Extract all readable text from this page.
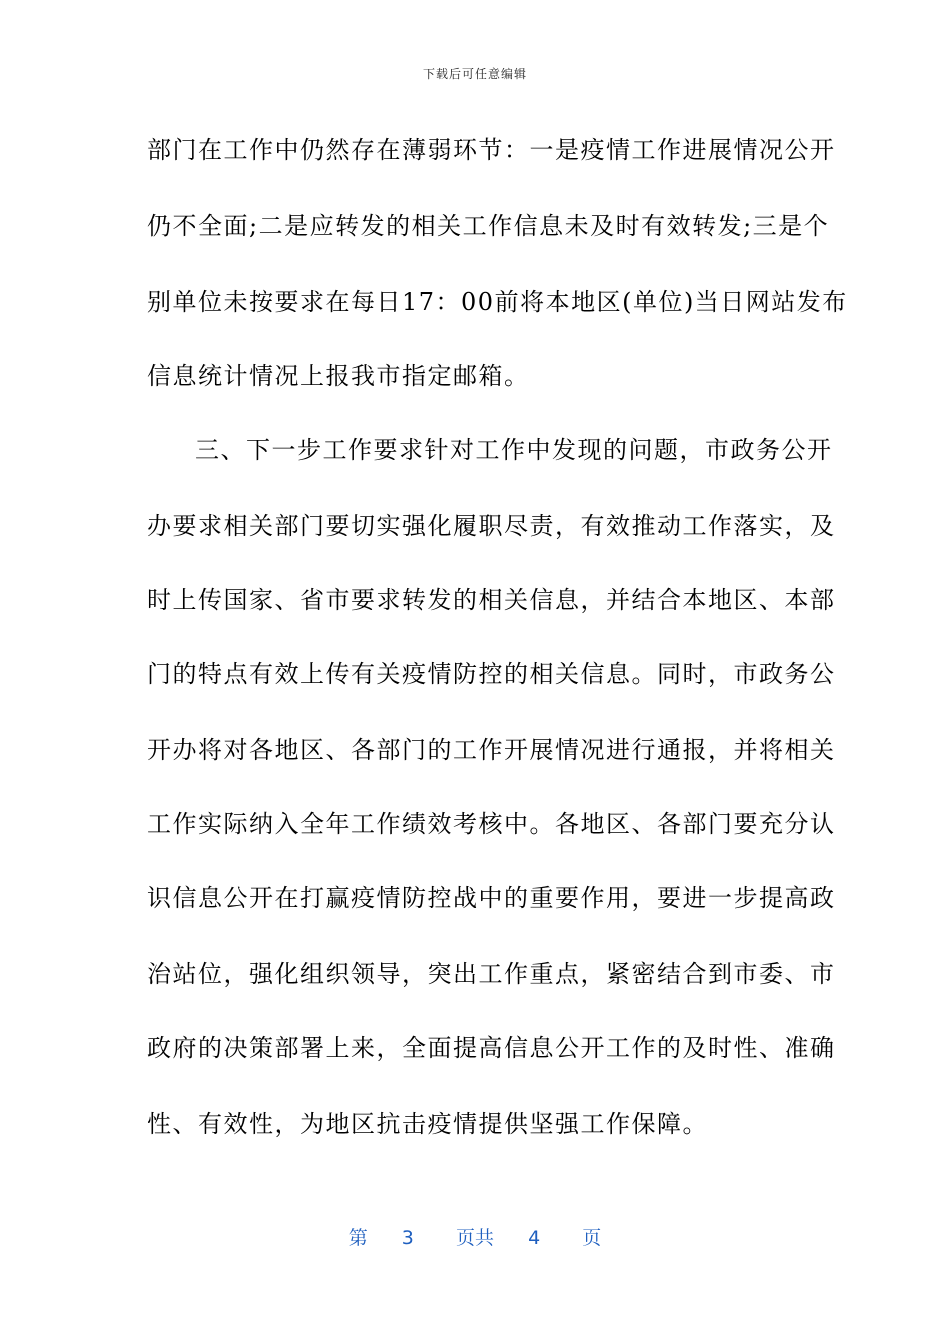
下载后可任意编辑
部门在工作中仍然存在薄弱环节：一是疫情工作进展情况公开
仍不全面;二是应转发的相关工作信息未及时有效转发;三是个
别单位未按要求在每日17：00前将本地区(单位)当日网站发布
信息统计情况上报我市指定邮箱。
三、下一步工作要求针对工作中发现的问题，市政务公开
办要求相关部门要切实强化履职尽责，有效推动工作落实，及
时上传国家、省市要求转发的相关信息，并结合本地区、本部
门的特点有效上传有关疫情防控的相关信息。同时，市政务公
开办将对各地区、各部门的工作开展情况进行通报，并将相关
工作实际纳入全年工作绩效考核中。各地区、各部门要充分认
识信息公开在打赢疫情防控战中的重要作用，要进一步提高政
治站位，强化组织领导，突出工作重点，紧密结合到市委、市
政府的决策部署上来，全面提高信息公开工作的及时性、准确
性、有效性，为地区抗击疫情提供坚强工作保障。
第 3 页共 4 页
